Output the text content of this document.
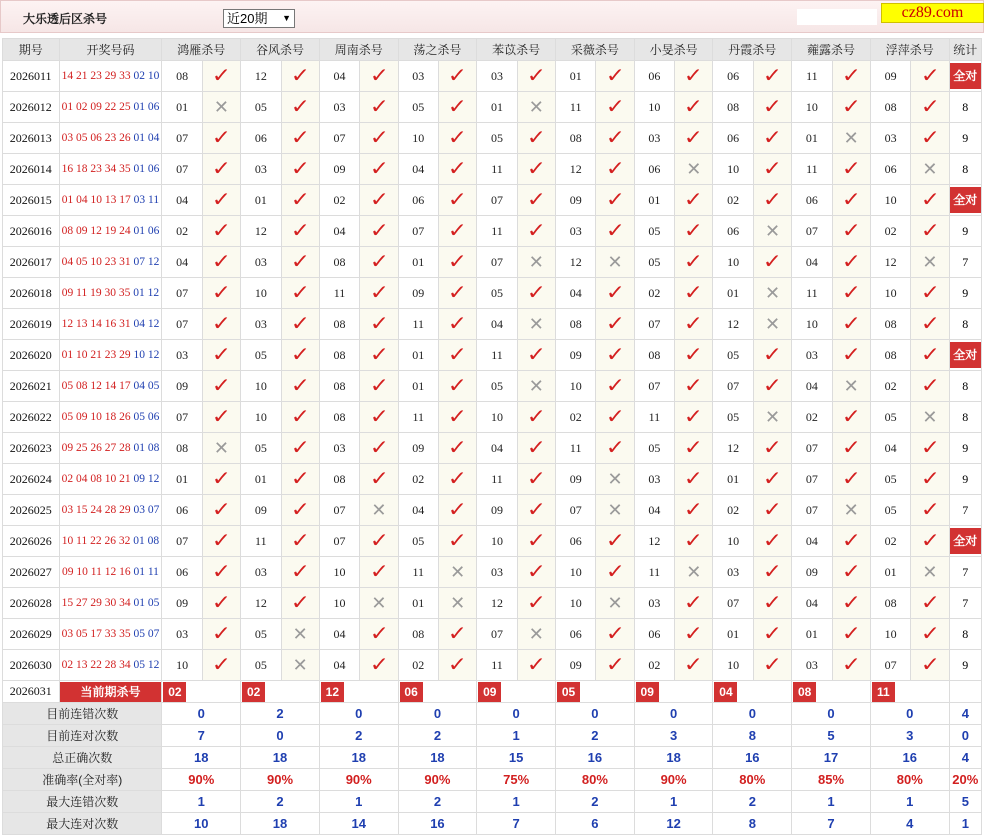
大乐透后区杀号	近20期 ▼	cz89.com
期号	开奖号码	鸿雁杀号		谷风杀号		周南杀号		荡之杀号		苯苡杀号		采薇杀号		小旻杀号		丹霞杀号		蕹露杀号		浮萍杀号		统计
2026011	14 21 23 29 33 02 10	08	✓	12	✓	04	✓	03	✓	03	✓	01	✓	06	✓	06	✓	11	✓	09	✓	全对
2026012	01 02 09 22 25 01 06	01	✕	05	✓	03	✓	05	✓	01	✕	11	✓	10	✓	08	✓	10	✓	08	✓	8
2026013	03 05 06 23 26 01 04	07	✓	06	✓	07	✓	10	✓	05	✓	08	✓	03	✓	06	✓	01	✕	03	✓	9
2026014	16 18 23 34 35 01 06	07	✓	03	✓	09	✓	04	✓	11	✓	12	✓	06	✕	10	✓	11	✓	06	✕	8
2026015	01 04 10 13 17 03 11	04	✓	01	✓	02	✓	06	✓	07	✓	09	✓	01	✓	02	✓	06	✓	10	✓	全对
2026016	08 09 12 19 24 01 06	02	✓	12	✓	04	✓	07	✓	11	✓	03	✓	05	✓	06	✕	07	✓	02	✓	9
2026017	04 05 10 23 31 07 12	04	✓	03	✓	08	✓	01	✓	07	✕	12	✕	05	✓	10	✓	04	✓	12	✕	7
2026018	09 11 19 30 35 01 12	07	✓	10	✓	11	✓	09	✓	05	✓	04	✓	02	✓	01	✕	11	✓	10	✓	9
2026019	12 13 14 16 31 04 12	07	✓	03	✓	08	✓	11	✓	04	✕	08	✓	07	✓	12	✕	10	✓	08	✓	8
2026020	01 10 21 23 29 10 12	03	✓	05	✓	08	✓	01	✓	11	✓	09	✓	08	✓	05	✓	03	✓	08	✓	全对
2026021	05 08 12 14 17 04 05	09	✓	10	✓	08	✓	01	✓	05	✕	10	✓	07	✓	07	✓	04	✕	02	✓	8
2026022	05 09 10 18 26 05 06	07	✓	10	✓	08	✓	11	✓	10	✓	02	✓	11	✓	05	✕	02	✓	05	✕	8
2026023	09 25 26 27 28 01 08	08	✕	05	✓	03	✓	09	✓	04	✓	11	✓	05	✓	12	✓	07	✓	04	✓	9
2026024	02 04 08 10 21 09 12	01	✓	01	✓	08	✓	02	✓	11	✓	09	✕	03	✓	01	✓	07	✓	05	✓	9
2026025	03 15 24 28 29 03 07	06	✓	09	✓	07	✕	04	✓	09	✓	07	✕	04	✓	02	✓	07	✕	05	✓	7
2026026	10 11 22 26 32 01 08	07	✓	11	✓	07	✓	05	✓	10	✓	06	✓	12	✓	10	✓	04	✓	02	✓	全对
2026027	09 10 11 12 16 01 11	06	✓	03	✓	10	✓	11	✕	03	✓	10	✓	11	✕	03	✓	09	✓	01	✕	7
2026028	15 27 29 30 34 01 05	09	✓	12	✓	10	✕	01	✕	12	✓	10	✕	03	✓	07	✓	04	✓	08	✓	7
2026029	03 05 17 33 35 05 07	03	✓	05	✕	04	✓	08	✓	07	✕	06	✓	06	✓	01	✓	01	✓	10	✓	8
2026030	02 13 22 28 34 05 12	10	✓	05	✕	04	✓	02	✓	11	✓	09	✓	02	✓	10	✓	03	✓	07	✓	9
2026031	当前期杀号	02		02		12		06		09		05		09		04		08		11		

目前连错次数		0		2		0		0		0		0		0		0		0		0		4
目前连对次数		7		0		2		2		1		2		3		8		5		3		0
总正确次数		18		18		18		18		15		16		18		16		17		16		4
准确率(全对率)		90%		90%		90%		90%		75%		80%		90%		80%		85%		80%		20%
最大连错次数		1		2		1		2		1		2		1		2		1		1		5
最大连对次数		10		18		14		16		7		6		12		8		7		4		1
